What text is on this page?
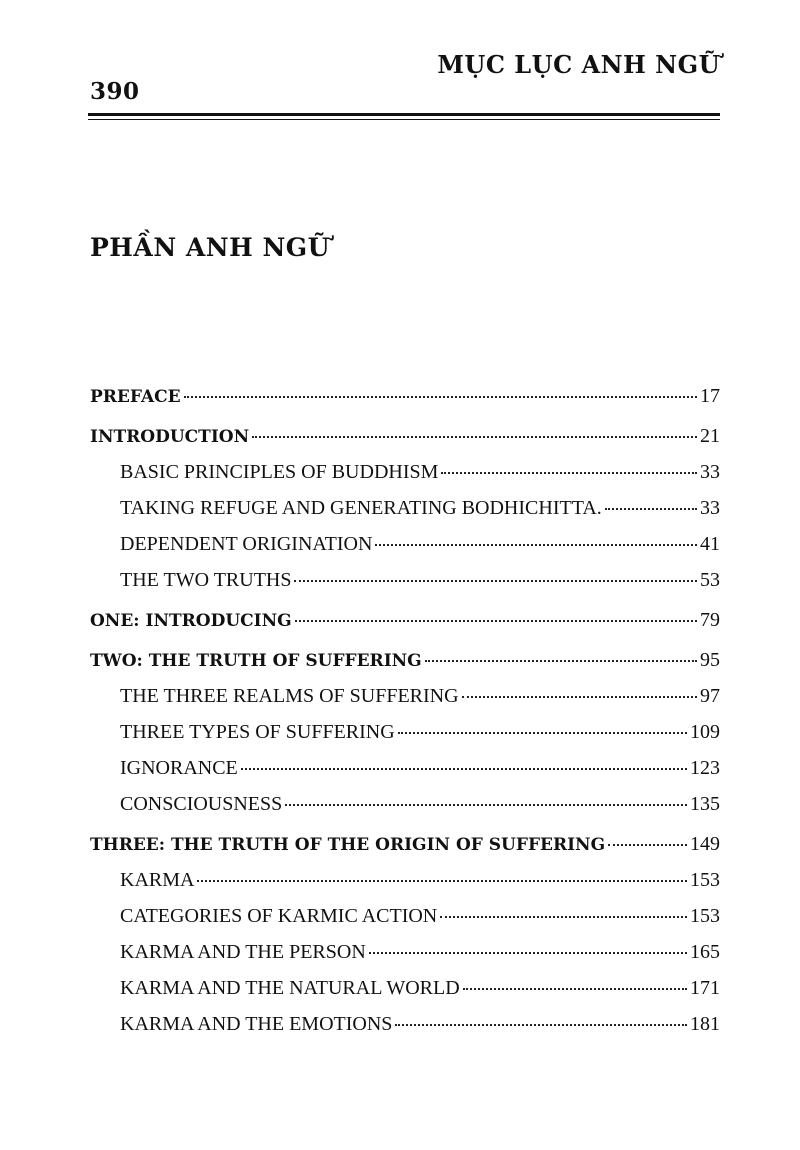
390
MỤC LỤC ANH NGỮ
PHẦN ANH NGỮ
PREFACE	17
INTRODUCTION	21
BASIC PRINCIPLES OF BUDDHISM	33
TAKING REFUGE AND GENERATING BODHICHITTA.	33
DEPENDENT ORIGINATION	41
THE TWO TRUTHS	53
ONE: INTRODUCING	79
TWO: THE TRUTH OF SUFFERING	95
THE THREE REALMS OF SUFFERING	97
THREE TYPES OF SUFFERING	109
IGNORANCE	123
CONSCIOUSNESS	135
THREE: THE TRUTH OF THE ORIGIN OF SUFFERING	149
KARMA	153
CATEGORIES OF KARMIC ACTION	153
KARMA AND THE PERSON	165
KARMA AND THE NATURAL WORLD	171
KARMA AND THE EMOTIONS	181
